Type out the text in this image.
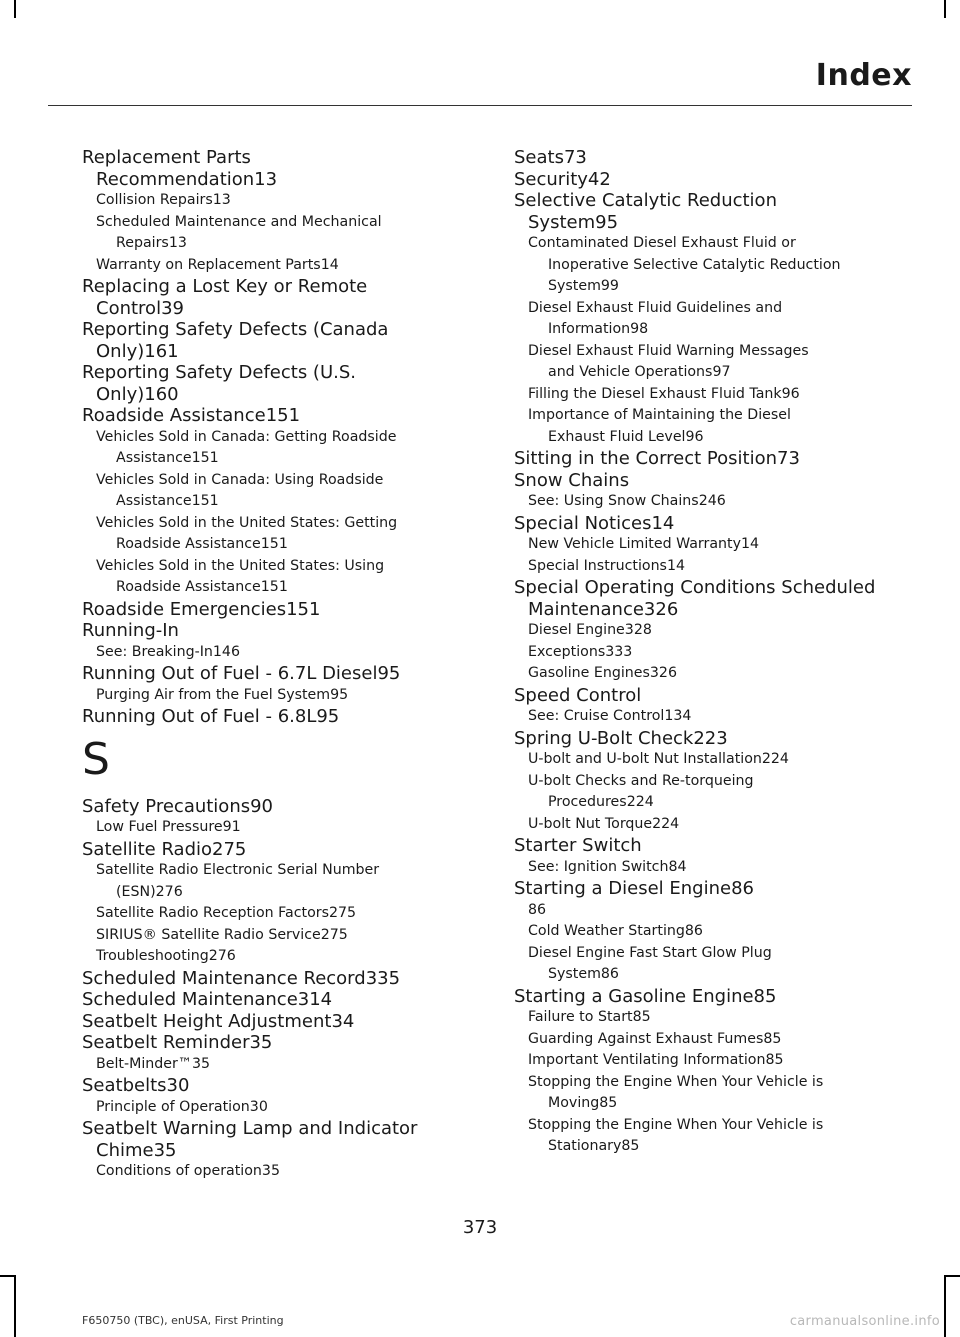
Index
Replacement Parts
Recommendation 13
Collision Repairs 13
Scheduled Maintenance and Mechanical
Repairs 13
Warranty on Replacement Parts 14
Replacing a Lost Key or Remote
Control 39
Reporting Safety Defects (Canada
Only) 161
Reporting Safety Defects (U.S.
Only) 160
Roadside Assistance 151
Vehicles Sold in Canada: Getting Roadside
Assistance 151
Vehicles Sold in Canada: Using Roadside
Assistance 151
Vehicles Sold in the United States: Getting
Roadside Assistance 151
Vehicles Sold in the United States: Using
Roadside Assistance 151
Roadside Emergencies 151
Running-In
See: Breaking-In 146
Running Out of Fuel - 6.7L Diesel 95
Purging Air from the Fuel System 95
Running Out of Fuel - 6.8L 95
S
Safety Precautions 90
Low Fuel Pressure 91
Satellite Radio 275
Satellite Radio Electronic Serial Number
(ESN) 276
Satellite Radio Reception Factors 275
SIRIUS® Satellite Radio Service 275
Troubleshooting 276
Scheduled Maintenance Record 335
Scheduled Maintenance 314
Seatbelt Height Adjustment 34
Seatbelt Reminder 35
Belt-Minder™ 35
Seatbelts 30
Principle of Operation 30
Seatbelt Warning Lamp and Indicator
Chime 35
Conditions of operation 35
Seats 73
Security 42
Selective Catalytic Reduction
System 95
Contaminated Diesel Exhaust Fluid or
Inoperative Selective Catalytic Reduction
System 99
Diesel Exhaust Fluid Guidelines and
Information 98
Diesel Exhaust Fluid Warning Messages
and Vehicle Operations 97
Filling the Diesel Exhaust Fluid Tank 96
Importance of Maintaining the Diesel
Exhaust Fluid Level 96
Sitting in the Correct Position 73
Snow Chains
See: Using Snow Chains 246
Special Notices 14
New Vehicle Limited Warranty 14
Special Instructions 14
Special Operating Conditions Scheduled
Maintenance 326
Diesel Engine 328
Exceptions 333
Gasoline Engines 326
Speed Control
See: Cruise Control 134
Spring U-Bolt Check 223
U-bolt and U-bolt Nut Installation 224
U-bolt Checks and Re-torqueing
Procedures 224
U-bolt Nut Torque 224
Starter Switch
See: Ignition Switch 84
Starting a Diesel Engine 86
86
Cold Weather Starting 86
Diesel Engine Fast Start Glow Plug
System 86
Starting a Gasoline Engine 85
Failure to Start 85
Guarding Against Exhaust Fumes 85
Important Ventilating Information 85
Stopping the Engine When Your Vehicle is
Moving 85
Stopping the Engine When Your Vehicle is
Stationary 85
373
F650750 (TBC), enUSA, First Printing	carmanualsonline.info
